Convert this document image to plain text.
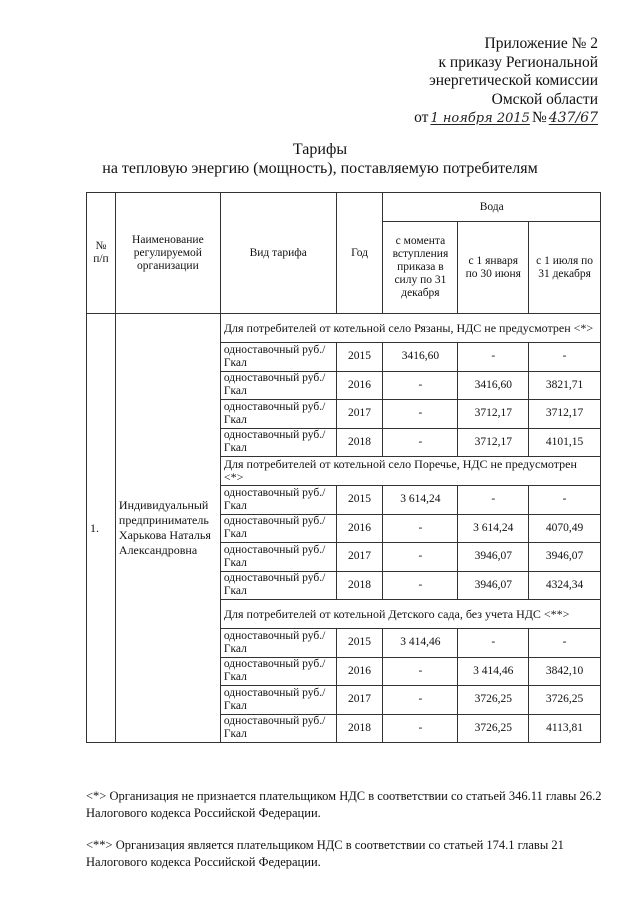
Приложение № 2
к приказу Региональной
энергетической комиссии
Омской области
от 1 ноября 2015 № 437/67
Тарифы
на тепловую энергию (мощность), поставляемую потребителям
№ п/п	Наименование регулируемой организации	Вид тарифа	Год	Вода		
				с момента вступления приказа в силу по 31 декабря	с 1 января по 30 июня	с 1 июля по 31 декабря
1.	Индивидуальный предприниматель Харькова Наталья Александровна	Для потребителей от котельной село Рязаны, НДС не предусмотрен <*>				
		одноставочный руб./Гкал	2015	3416,60	-	-
		одноставочный руб./Гкал	2016	-	3416,60	3821,71
		одноставочный руб./Гкал	2017	-	3712,17	3712,17
		одноставочный руб./Гкал	2018	-	3712,17	4101,15
		Для потребителей от котельной село Поречье, НДС не предусмотрен <*>				
		одноставочный руб./Гкал	2015	3 614,24	-	-
		одноставочный руб./Гкал	2016	-	3 614,24	4070,49
		одноставочный руб./Гкал	2017	-	3946,07	3946,07
		одноставочный руб./Гкал	2018	-	3946,07	4324,34
		Для потребителей от котельной Детского сада, без учета НДС <**>				
		одноставочный руб./Гкал	2015	3 414,46	-	-
		одноставочный руб./Гкал	2016	-	3 414,46	3842,10
		одноставочный руб./Гкал	2017	-	3726,25	3726,25
		одноставочный руб./Гкал	2018	-	3726,25	4113,81

<*> Организация не признается плательщиком НДС в соответствии со статьей 346.11 главы 26.2 Налогового кодекса Российской Федерации.

<**> Организация является плательщиком НДС в соответствии со статьей 174.1 главы 21 Налогового кодекса Российской Федерации.
